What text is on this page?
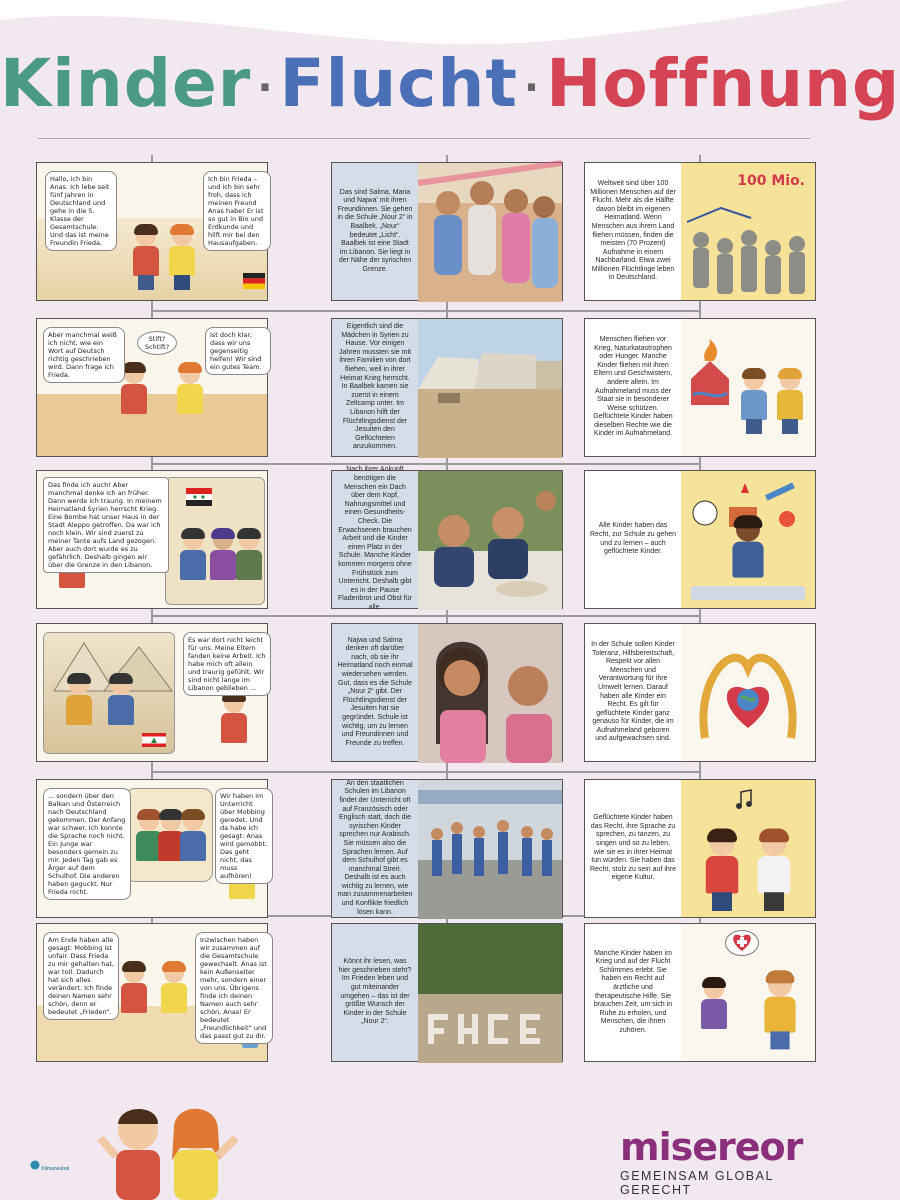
Kinder ·Flucht ·Hoffnung
Hallo, ich bin Anas. Ich lebe seit fünf Jahren in Deutschland und gehe in die 5. Klasse der Gesamtschule. Und das ist meine Freundin Frieda.
Ich bin Frieda – und ich bin sehr froh, dass ich meinen Freund Anas habe! Er ist so gut in Bio und Erdkunde und hilft mir bei den Hausaufgaben.
Aber manchmal weiß ich nicht, wie ein Wort auf Deutsch richtig geschrieben wird. Dann frage ich Frieda.
Stift? Schtift?
Ist doch klar, dass wir uns gegenseitig helfen! Wir sind ein gutes Team.
Das finde ich auch! Aber manchmal denke ich an früher. Dann werde ich traurig. In meinem Heimatland Syrien herrscht Krieg. Eine Bombe hat unser Haus in der Stadt Aleppo getroffen. Da war ich noch klein. Wir sind zuerst zu meiner Tante aufs Land gezogen. Aber auch dort wurde es zu gefährlich. Deshalb gingen wir über die Grenze in den Libanon.
Es war dort nicht leicht für uns. Meine Eltern fanden keine Arbeit. Ich habe mich oft allein und traurig gefühlt. Wir sind nicht lange im Libanon geblieben ...
... sondern über den Balkan und Österreich nach Deutschland gekommen. Der Anfang war schwer. Ich konnte die Sprache noch nicht. Ein Junge war besonders gemein zu mir. Jeden Tag gab es Ärger auf dem Schulhof. Die anderen haben geguckt. Nur Frieda nicht.
Wir haben im Unterricht über Mobbing geredet. Und da habe ich gesagt: Anas wird gemobbt. Das geht nicht, das muss aufhören!
Am Ende haben alle gesagt: Mobbing ist unfair. Dass Frieda zu mir gehalten hat, war toll. Dadurch hat sich alles verändert. Ich finde deinen Namen sehr schön, denn er bedeutet „Frieden“.
Inzwischen haben wir zusammen auf die Gesamtschule gewechselt. Anas ist kein Außenseiter mehr, sondern einer von uns. Übrigens finde ich deinen Namen auch sehr schön, Anas! Er bedeutet „Freundlichkeit“ und das passt gut zu dir.
Das sind Salma, Maria und Najwa' mit ihren Freundinnen. Sie gehen in die Schule „Nour 2“ in Baalbek. „Nour“ bedeutet „Licht“. Baalbek ist eine Stadt im Libanon. Sie liegt in der Nähe der syrischen Grenze.
Eigentlich sind die Mädchen in Syrien zu Hause. Vor einigen Jahren mussten sie mit ihren Familien von dort fliehen, weil in ihrer Heimat Krieg herrscht. In Baalbek kamen sie zuerst in einem Zeltcamp unter. Im Libanon hilft der Flüchtlingsdienst der Jesuiten den Geflüchteten anzukommen.
Nach ihrer Ankunft benötigen die Menschen ein Dach über dem Kopf, Nahrungsmittel und einen Gesundheits-Check. Die Erwachsenen brauchen Arbeit und die Kinder einen Platz in der Schule. Manche Kinder kommen morgens ohne Frühstück zum Unterricht. Deshalb gibt es in der Pause Fladenbrot und Obst für alle.
Najwa und Salma denken oft darüber nach, ob sie ihr Heimatland noch einmal wiedersehen werden. Gut, dass es die Schule „Nour 2“ gibt. Der Flüchtlingsdienst der Jesuiten hat sie gegründet. Schule ist wichtig, um zu lernen und Freundinnen und Freunde zu treffen.
An den staatlichen Schulen im Libanon findet der Unterricht oft auf Französisch oder Englisch statt, doch die syrischen Kinder sprechen nur Arabisch. Sie müssen also die Sprachen lernen. Auf dem Schulhof gibt es manchmal Streit. Deshalb ist es auch wichtig zu lernen, wie man zusammenarbeiten und Konflikte friedlich lösen kann.
Könnt ihr lesen, was hier geschrieben steht? Im Frieden leben und gut miteinander umgehen – das ist der größte Wunsch der Kinder in der Schule „Nour 2“.
Weltweit sind über 100 Millionen Menschen auf der Flucht. Mehr als die Hälfte davon bleibt im eigenen Heimatland. Wenn Menschen aus ihrem Land fliehen müssen, finden die meisten (70 Prozent) Aufnahme in einem Nachbarland. Etwa zwei Millionen Flüchtlinge leben in Deutschland.
100 Mio.
Menschen fliehen vor Krieg, Naturkatastrophen oder Hunger. Manche Kinder fliehen mit ihren Eltern und Geschwistern, andere allein. Im Aufnahmeland muss der Staat sie in besonderer Weise schützen. Geflüchtete Kinder haben dieselben Rechte wie die Kinder im Aufnahmeland.
Alle Kinder haben das Recht, zur Schule zu gehen und zu lernen – auch geflüchtete Kinder.
In der Schule sollen Kinder Toleranz, Hilfsbereitschaft, Respekt vor allen Menschen und Verantwortung für ihre Umwelt lernen. Darauf haben alle Kinder ein Recht. Es gilt für geflüchtete Kinder ganz genauso für Kinder, die im Aufnahmeland geboren und aufgewachsen sind.
Geflüchtete Kinder haben das Recht, ihre Sprache zu sprechen, zu tanzen, zu singen und so zu leben, wie sie es in ihrer Heimat tun würden. Sie haben das Recht, stolz zu sein auf ihre eigene Kultur.
Manche Kinder haben im Krieg und auf der Flucht Schlimmes erlebt. Sie haben ein Recht auf ärztliche und therapeutische Hilfe. Sie brauchen Zeit, um sich in Ruhe zu erholen, und Menschen, die ihnen zuhören.
Klimaneutral	misereor
GEMEINSAM GLOBAL GERECHT
